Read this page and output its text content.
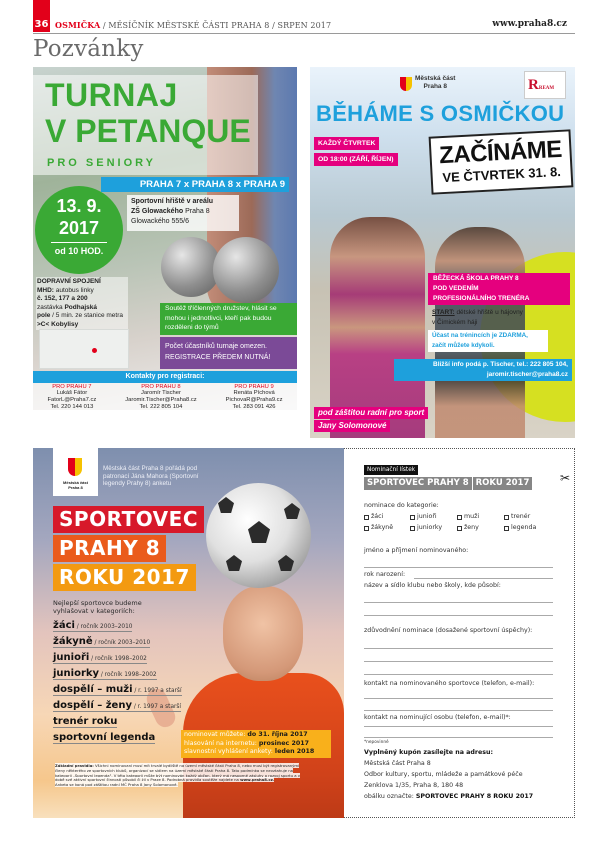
36 OSMIČKA / MĚSÍČNÍK MĚSTSKÉ ČÁSTI PRAHA 8 / SRPEN 2017	www.praha8.cz
Pozvánky
TURNAJ
V PETANQUE
PRO SENIORY
PRAHA 7 x PRAHA 8 x PRAHA 9
13. 9.
2017
od 10 HOD.
Sportovní hřiště v areálu
ZŠ Glowackého Praha 8
Glowackého 555/6
DOPRAVNÍ SPOJENÍ
MHD: autobus linky
č. 152, 177 a 200
zastávka Podhajská
pole / 5 min. ze stanice metra >C< Kobylisy
Soutěž tříčlenných družstev, hlásit se mohou i jednotlivci, kteří pak budou rozděleni do týmů
Počet účastníků turnaje omezen.
REGISTRACE PŘEDEM NUTNÁ!
Kontakty pro registraci:
PRO PRAHU 7
Lukáš Fátor
FatorL@Praha7.cz
Tel. 220 144 013
PRO PRAHU 8
Jaromír Tischer
Jaromir.Tischer@Praha8.cz
Tel. 222 805 104
PRO PRAHU 9
Renáta Píchová
PichovaR@Praha9.cz
Tel. 283 091 426
Městská část
Praha 8	RREAM
BĚHÁME S OSMIČKOU
KAŽDÝ ČTVRTEK
OD 18:00 (ZÁŘÍ, ŘÍJEN)	ZAČÍNÁME
VE ČTVRTEK 31. 8.
BĚŽECKÁ ŠKOLA PRAHY 8
POD VEDENÍM
PROFESIONÁLNÍHO TRENÉRA
START: dětské hřiště u hájovny
v Čimickém háji
Účast na trénincích je ZDARMA,
začít můžete kdykoli.
Bližší info podá p. Tischer, tel.: 222 805 104,
jaromir.tischer@praha8.cz
pod záštitou radní pro sport
Jany Solomonové
Městská část
Praha 8
Městská část Praha 8 pořádá pod patronací Jána Mahora (Sportovní legendy Prahy 8) anketu
SPORTOVEC
PRAHY 8
ROKU 2017
Nejlepší sportovce budeme vyhlašovat v kategoriích:
žáci / ročník 2003–2010
žákyně / ročník 2003–2010
junioři / ročník 1998–2002
juniorky / ročník 1998–2002
dospělí – muži / r. 1997 a starší
dospělí – ženy / r. 1997 a starší
trenér roku
sportovní legenda	nominovat můžete: do 31. října 2017
hlasování na internetu: prosinec 2017
slavnostní vyhlášení ankety: leden 2018
Základní pravidla: Všichni nominovaní musí mít trvalé bydliště na území městské části Praha 8, nebo musí být registrovanými členy některého ze sportovních klubů, organizací se sídlem na území městské části Praha 8. Tato podmínka se nevztahuje na kategorii „Sportovní legenda". V této kategorii může být nominován každý občan, který má nesporné zásluhy o rozvoj sportu a v době své aktivní sportovní činnosti působil či žil v Praze 8. Podrobná pravidla soutěže najdete na www.praha8.cz.
Anketa se koná pod záštitou radní MČ Praha 8 Jany Solomonové.
✂
Nominační lístek
SPORTOVEC PRAHY 8 ROKU 2017
nominace do kategorie:
žáci	junioři	muži	trenér
žákyně	juniorky	ženy	legenda
jméno a příjmení nominovaného:
rok narození:
název a sídlo klubu nebo školy, kde působí:
zdůvodnění nominace (dosažené sportovní úspěchy):
kontakt na nominovaného sportovce (telefon, e-mail):
kontakt na nominující osobu (telefon, e-mail)*:
*nepovinné
Vyplněný kupón zasílejte na adresu:
Městská část Praha 8
Odbor kultury, sportu, mládeže a památkové péče
Zenklova 1/35, Praha 8, 180 48
obálku označte: SPORTOVEC PRAHY 8 ROKU 2017
